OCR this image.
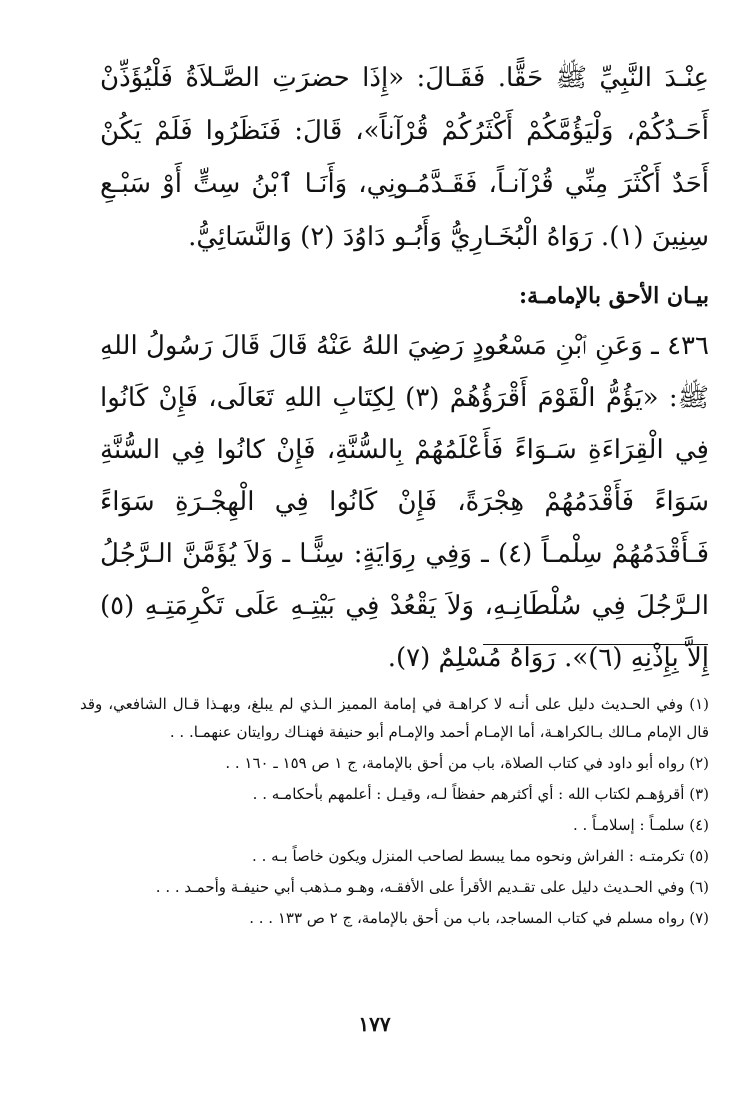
عِنْـدَ النَّبِيِّ ﷺ حَقًّا. فَقَـالَ: «إِذَا حضرَتِ الصَّـلاَةُ فَلْيُؤَذِّنْ أَحَـدُكُمْ، وَلْيَؤُمَّكُمْ أَكْثَرُكُمْ قُرْآناً»، قَالَ: فَنَظَرُوا فَلَمْ يَكُنْ أَحَدٌ أَكْثَرَ مِنِّي قُرْآنـاً، فَقَـدَّمُـونِي، وَأَنَـا ٱبْنُ سِتٍّ أَوْ سَبْـعِ سِنِينَ (١). رَوَاهُ الْبُخَـارِيُّ وَأَبُـو دَاوُدَ (٢) وَالنَّسَائِيُّ.

بيـان الأحق بالإمامـة:

٤٣٦ ـ وَعَنِ ٱبْنِ مَسْعُودٍ رَضِيَ اللهُ عَنْهُ قَالَ قَالَ رَسُولُ اللهِ ﷺ: «يَؤُمُّ الْقَوْمَ أَقْرَؤُهُمْ (٣) لِكِتَابِ اللهِ تَعَالَى، فَإِنْ كَانُوا فِي الْقِرَاءَةِ سَـوَاءً فَأَعْلَمُهُمْ بِالسُّنَّةِ، فَإِنْ كانُوا فِي السُّنَّةِ سَوَاءً فَأَقْدَمُهُمْ هِجْرَةً، فَإِنْ كَانُوا فِي الْهِجْـرَةِ سَوَاءً فَـأَقْدَمُهُمْ سِلْمـاً (٤) ـ وَفِي رِوَايَةٍ: سِنًّـا ـ وَلاَ يُؤَمَّنَّ الـرَّجُلُ الـرَّجُلَ فِي سُلْطَانِـهِ، وَلاَ يَقْعُدْ فِي بَيْتِـهِ عَلَى تَكْرِمَتِـهِ (٥) إِلاَّ بِإِذْنِهِ (٦)». رَوَاهُ مُسْلِمٌ (٧).

(١) وفي الحـديث دليل على أنـه لا كراهـة في إمامة المميز الـذي لم يبلغ، وبهـذا قـال الشافعي، وقد قال الإمام مـالك بـالكراهـة، أما الإمـام أحمد والإمـام أبو حنيفة فهنـاك روايتان عنهمـا. . .

(٢) رواه أبو داود في كتاب الصلاة، باب من أحق بالإمامة، ج ١ ص ١٥٩ ـ ١٦٠ . .

(٣) أقرؤهـم لكتاب الله : أي أكثرهم حفظاً لـه، وقيـل : أعلمهم بأحكامـه . .

(٤) سلمـاً : إسلامـاً . .

(٥) تكرمتـه : الفراش ونحوه مما يبسط لصاحب المنزل ويكون خاصاً بـه . .

(٦) وفي الحـديث دليل على تقـديم الأقرأ على الأفقـه، وهـو مـذهب أبي حنيفـة وأحمـد . . .

(٧) رواه مسلم في كتاب المساجد، باب من أحق بالإمامة، ج ٢ ص ١٣٣ . . .

١٧٧
